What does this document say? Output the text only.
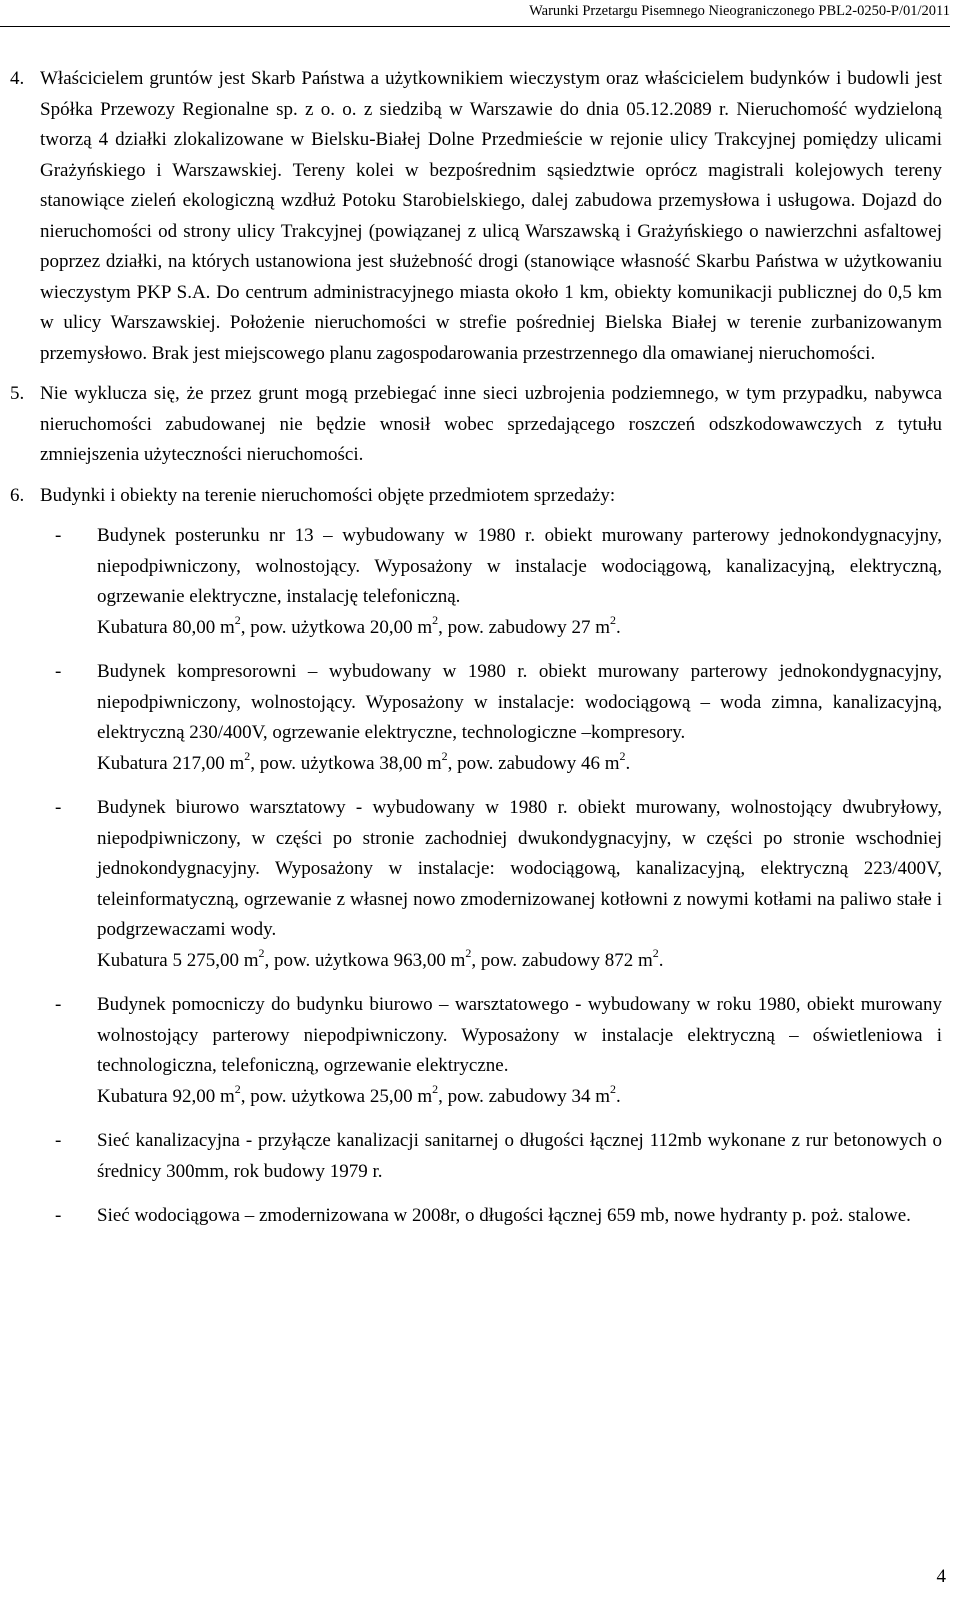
Warunki Przetargu Pisemnego Nieograniczonego PBL2-0250-P/01/2011
4. Właścicielem gruntów jest Skarb Państwa a użytkownikiem wieczystym oraz właścicielem budynków i budowli jest Spółka Przewozy Regionalne sp. z o. o. z siedzibą w Warszawie do dnia 05.12.2089 r. Nieruchomość wydzieloną tworzą 4 działki zlokalizowane w Bielsku-Białej Dolne Przedmieście w rejonie ulicy Trakcyjnej pomiędzy ulicami Grażyńskiego i Warszawskiej. Tereny kolei w bezpośrednim sąsiedztwie oprócz magistrali kolejowych tereny stanowiące zieleń ekologiczną wzdłuż Potoku Starobielskiego, dalej zabudowa przemysłowa i usługowa. Dojazd do nieruchomości od strony ulicy Trakcyjnej (powiązanej z ulicą Warszawską i Grażyńskiego o nawierzchni asfaltowej poprzez działki, na których ustanowiona jest służebność drogi (stanowiące własność Skarbu Państwa w użytkowaniu wieczystym PKP S.A. Do centrum administracyjnego miasta około 1 km, obiekty komunikacji publicznej do 0,5 km w ulicy Warszawskiej. Położenie nieruchomości w strefie pośredniej Bielska Białej w terenie zurbanizowanym przemysłowo. Brak jest miejscowego planu zagospodarowania przestrzennego dla omawianej nieruchomości.
5. Nie wyklucza się, że przez grunt mogą przebiegać inne sieci uzbrojenia podziemnego, w tym przypadku, nabywca nieruchomości zabudowanej nie będzie wnosił wobec sprzedającego roszczeń odszkodowawczych z tytułu zmniejszenia użyteczności nieruchomości.
6. Budynki i obiekty na terenie nieruchomości objęte przedmiotem sprzedaży:
- Budynek posterunku nr 13 – wybudowany w 1980 r. obiekt murowany parterowy jednokondygnacyjny, niepodpiwniczony, wolnostojący. Wyposażony w instalacje wodociągową, kanalizacyjną, elektryczną, ogrzewanie elektryczne, instalację telefoniczną.
Kubatura 80,00 $m^2$, pow. użytkowa 20,00 $m^2$, pow. zabudowy 27 $m^2$.
- Budynek kompresorowni – wybudowany w 1980 r. obiekt murowany parterowy jednokondygnacyjny, niepodpiwniczony, wolnostojący. Wyposażony w instalacje: wodociągową – woda zimna, kanalizacyjną, elektryczną 230/400V, ogrzewanie elektryczne, technologiczne –kompresory.
Kubatura 217,00 $m^2$, pow. użytkowa 38,00 $m^2$, pow. zabudowy 46 $m^2$.
- Budynek biurowo warsztatowy - wybudowany w 1980 r. obiekt murowany, wolnostojący dwubryłowy, niepodpiwniczony, w części po stronie zachodniej dwukondygnacyjny, w części po stronie wschodniej jednokondygnacyjny. Wyposażony w instalacje: wodociągową, kanalizacyjną, elektryczną 223/400V, teleinformatyczną, ogrzewanie z własnej nowo zmodernizowanej kotłowni z nowymi kotłami na paliwo stałe i podgrzewaczami wody.
Kubatura 5 275,00 $m^2$, pow. użytkowa 963,00 $m^2$, pow. zabudowy 872 $m^2$.
- Budynek pomocniczy do budynku biurowo – warsztatowego - wybudowany w roku 1980, obiekt murowany wolnostojący parterowy niepodpiwniczony. Wyposażony w instalacje elektryczną – oświetleniowa i technologiczna, telefoniczną, ogrzewanie elektryczne.
Kubatura 92,00 $m^2$, pow. użytkowa 25,00 $m^2$, pow. zabudowy 34 $m^2$.
- Sieć kanalizacyjna - przyłącze kanalizacji sanitarnej o długości łącznej 112mb wykonane z rur betonowych o średnicy 300mm, rok budowy 1979 r.
- Sieć wodociągowa – zmodernizowana w 2008r, o długości łącznej 659 mb, nowe hydranty p. poż. stalowe.
4
